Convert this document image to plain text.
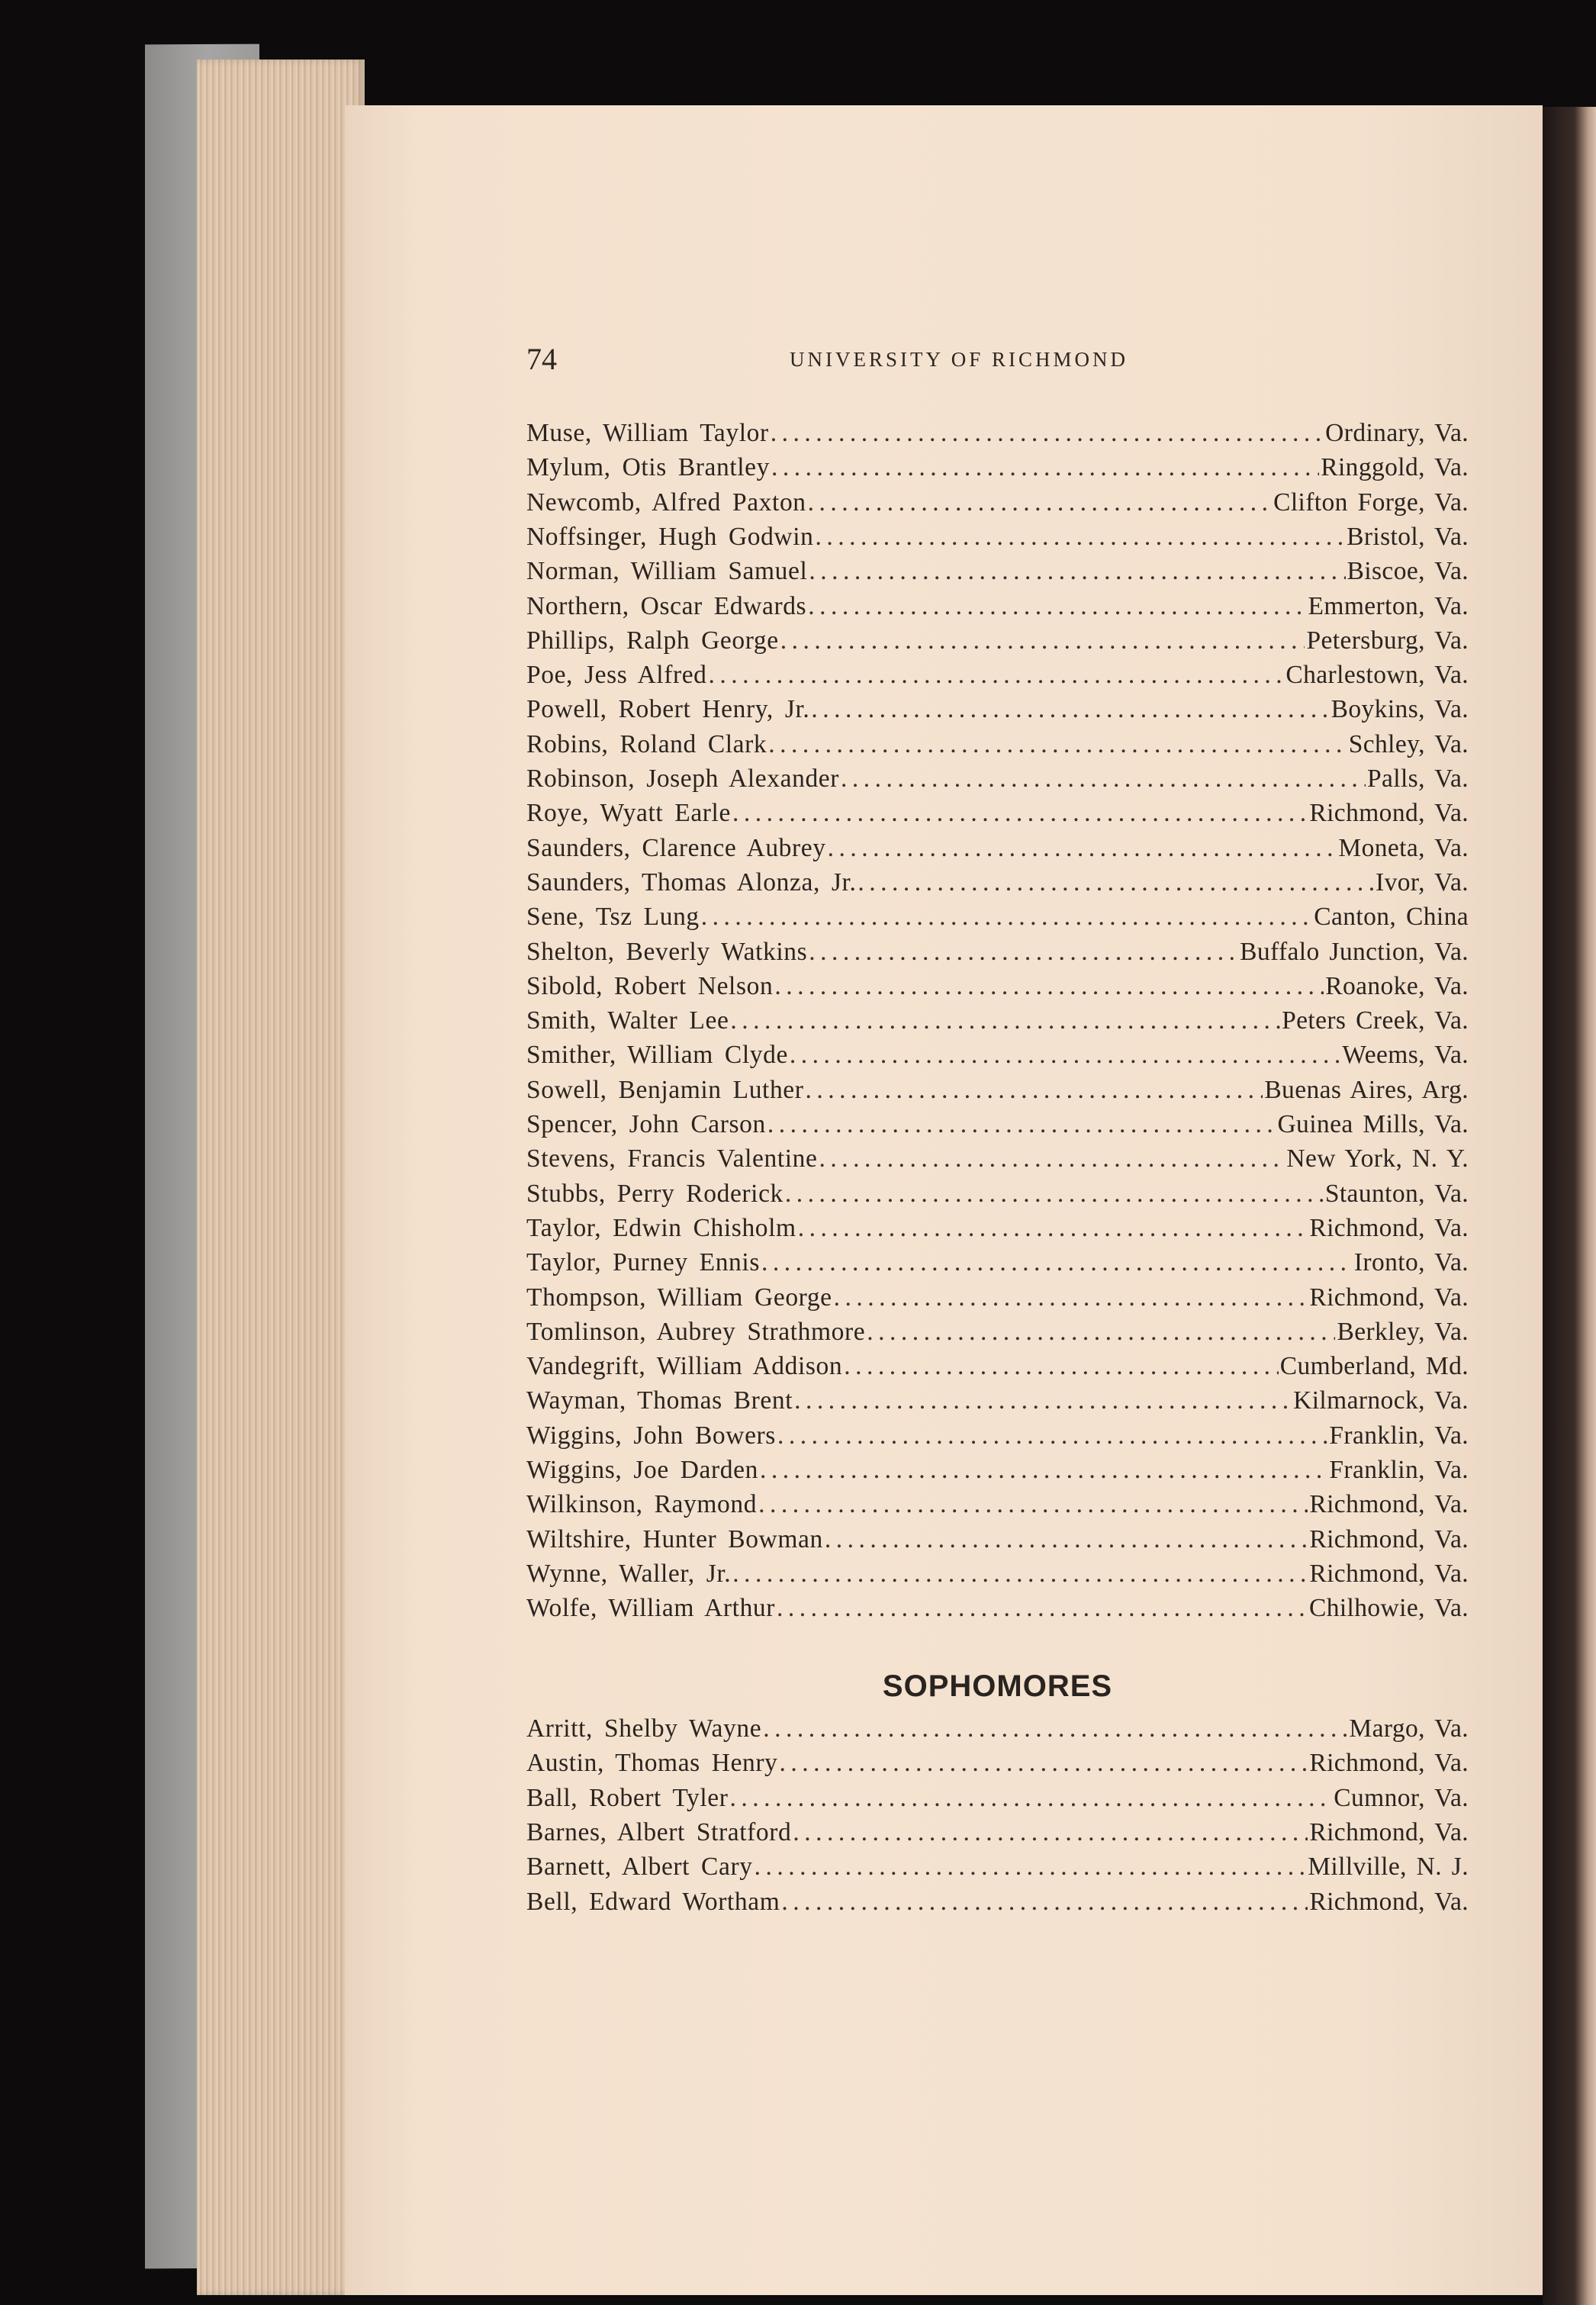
74	UNIVERSITY OF RICHMOND
Muse, William Taylor .....	Ordinary, Va.
Mylum, Otis Brantley .....	Ringgold, Va.
Newcomb, Alfred Paxton .....	Clifton Forge, Va.
Noffsinger, Hugh Godwin .....	Bristol, Va.
Norman, William Samuel .....	Biscoe, Va.
Northern, Oscar Edwards .....	Emmerton, Va.
Phillips, Ralph George .....	Petersburg, Va.
Poe, Jess Alfred .....	Charlestown, Va.
Powell, Robert Henry, Jr. .....	Boykins, Va.
Robins, Roland Clark .....	Schley, Va.
Robinson, Joseph Alexander .....	Palls, Va.
Roye, Wyatt Earle .....	Richmond, Va.
Saunders, Clarence Aubrey .....	Moneta, Va.
Saunders, Thomas Alonza, Jr. .....	Ivor, Va.
Sene, Tsz Lung .....	Canton, China
Shelton, Beverly Watkins .....	Buffalo Junction, Va.
Sibold, Robert Nelson .....	Roanoke, Va.
Smith, Walter Lee .....	Peters Creek, Va.
Smither, William Clyde .....	Weems, Va.
Sowell, Benjamin Luther .....	Buenas Aires, Arg.
Spencer, John Carson .....	Guinea Mills, Va.
Stevens, Francis Valentine .....	New York, N. Y.
Stubbs, Perry Roderick .....	Staunton, Va.
Taylor, Edwin Chisholm .....	Richmond, Va.
Taylor, Purney Ennis .....	Ironto, Va.
Thompson, William George .....	Richmond, Va.
Tomlinson, Aubrey Strathmore .....	Berkley, Va.
Vandegrift, William Addison .....	Cumberland, Md.
Wayman, Thomas Brent .....	Kilmarnock, Va.
Wiggins, John Bowers .....	Franklin, Va.
Wiggins, Joe Darden .....	Franklin, Va.
Wilkinson, Raymond .....	Richmond, Va.
Wiltshire, Hunter Bowman .....	Richmond, Va.
Wynne, Waller, Jr. .....	Richmond, Va.
Wolfe, William Arthur .....	Chilhowie, Va.
SOPHOMORES
Arritt, Shelby Wayne .....	Margo, Va.
Austin, Thomas Henry .....	Richmond, Va.
Ball, Robert Tyler .....	Cumnor, Va.
Barnes, Albert Stratford .....	Richmond, Va.
Barnett, Albert Cary .....	Millville, N. J.
Bell, Edward Wortham .....	Richmond, Va.
